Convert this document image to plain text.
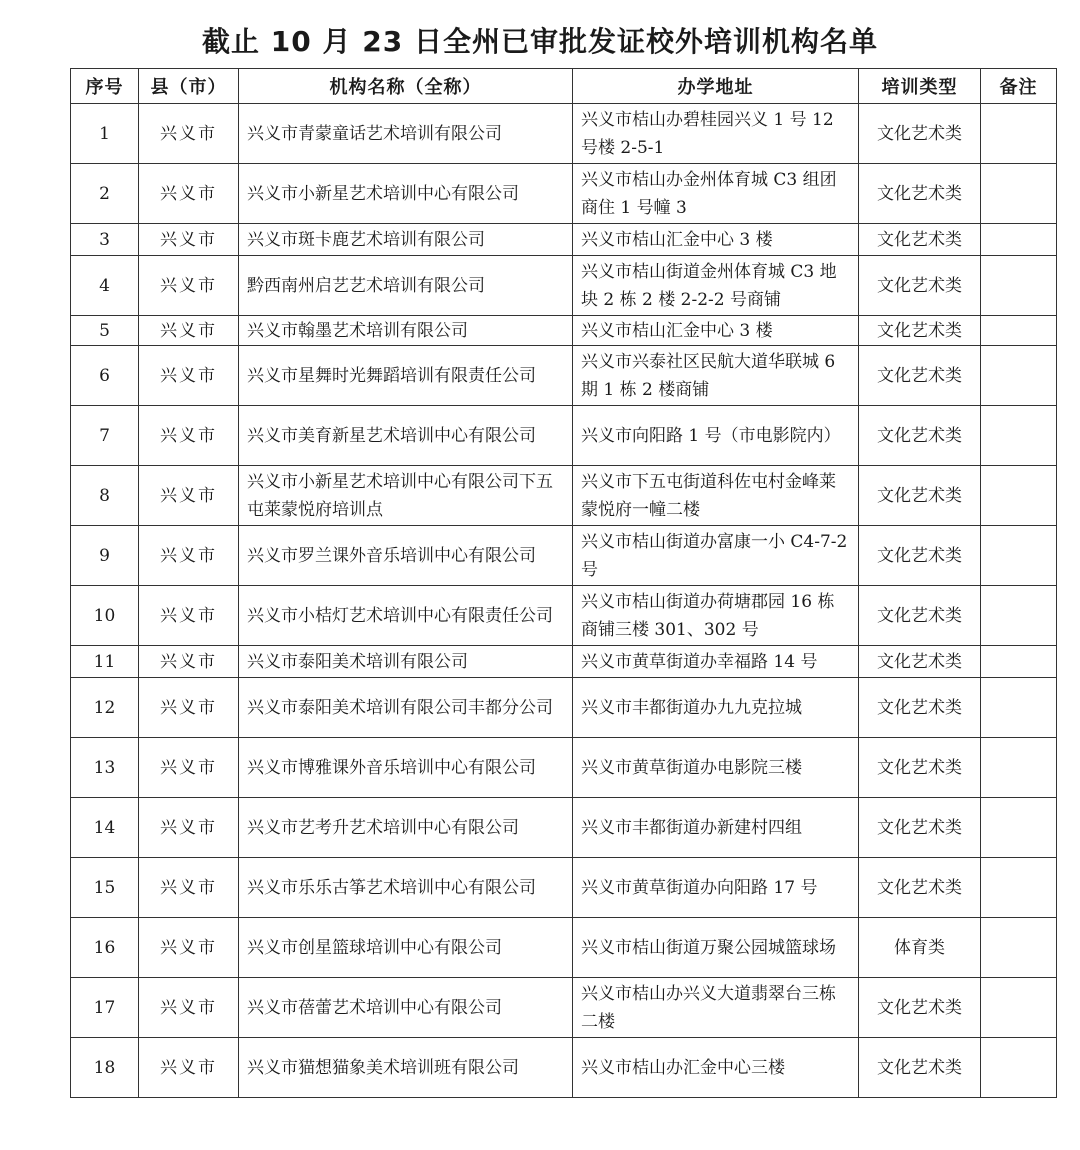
截止 10 月 23 日全州已审批发证校外培训机构名单
序号	县（市）	机构名称（全称）	办学地址	培训类型	备注
1	兴义市	兴义市青蒙童话艺术培训有限公司	兴义市桔山办碧桂园兴义 1 号 12 号楼 2-5-1	文化艺术类	
2	兴义市	兴义市小新星艺术培训中心有限公司	兴义市桔山办金州体育城 C3 组团商住 1 号幢 3	文化艺术类	
3	兴义市	兴义市斑卡鹿艺术培训有限公司	兴义市桔山汇金中心 3 楼	文化艺术类	
4	兴义市	黔西南州启艺艺术培训有限公司	兴义市桔山街道金州体育城 C3 地块 2 栋 2 楼 2-2-2 号商铺	文化艺术类	
5	兴义市	兴义市翰墨艺术培训有限公司	兴义市桔山汇金中心 3 楼	文化艺术类	
6	兴义市	兴义市星舞时光舞蹈培训有限责任公司	兴义市兴泰社区民航大道华联城 6 期 1 栋 2 楼商铺	文化艺术类	
7	兴义市	兴义市美育新星艺术培训中心有限公司	兴义市向阳路 1 号（市电影院内）	文化艺术类	
8	兴义市	兴义市小新星艺术培训中心有限公司下五屯莱蒙悦府培训点	兴义市下五屯街道科佐屯村金峰莱蒙悦府一幢二楼	文化艺术类	
9	兴义市	兴义市罗兰课外音乐培训中心有限公司	兴义市桔山街道办富康一小 C4-7-2 号	文化艺术类	
10	兴义市	兴义市小桔灯艺术培训中心有限责任公司	兴义市桔山街道办荷塘郡园 16 栋商铺三楼 301、302 号	文化艺术类	
11	兴义市	兴义市泰阳美术培训有限公司	兴义市黄草街道办幸福路 14 号	文化艺术类	
12	兴义市	兴义市泰阳美术培训有限公司丰都分公司	兴义市丰都街道办九九克拉城	文化艺术类	
13	兴义市	兴义市博雅课外音乐培训中心有限公司	兴义市黄草街道办电影院三楼	文化艺术类	
14	兴义市	兴义市艺考升艺术培训中心有限公司	兴义市丰都街道办新建村四组	文化艺术类	
15	兴义市	兴义市乐乐古筝艺术培训中心有限公司	兴义市黄草街道办向阳路 17 号	文化艺术类	
16	兴义市	兴义市创星篮球培训中心有限公司	兴义市桔山街道万聚公园城篮球场	体育类	
17	兴义市	兴义市蓓蕾艺术培训中心有限公司	兴义市桔山办兴义大道翡翠台三栋二楼	文化艺术类	
18	兴义市	兴义市猫想猫象美术培训班有限公司	兴义市桔山办汇金中心三楼	文化艺术类	
